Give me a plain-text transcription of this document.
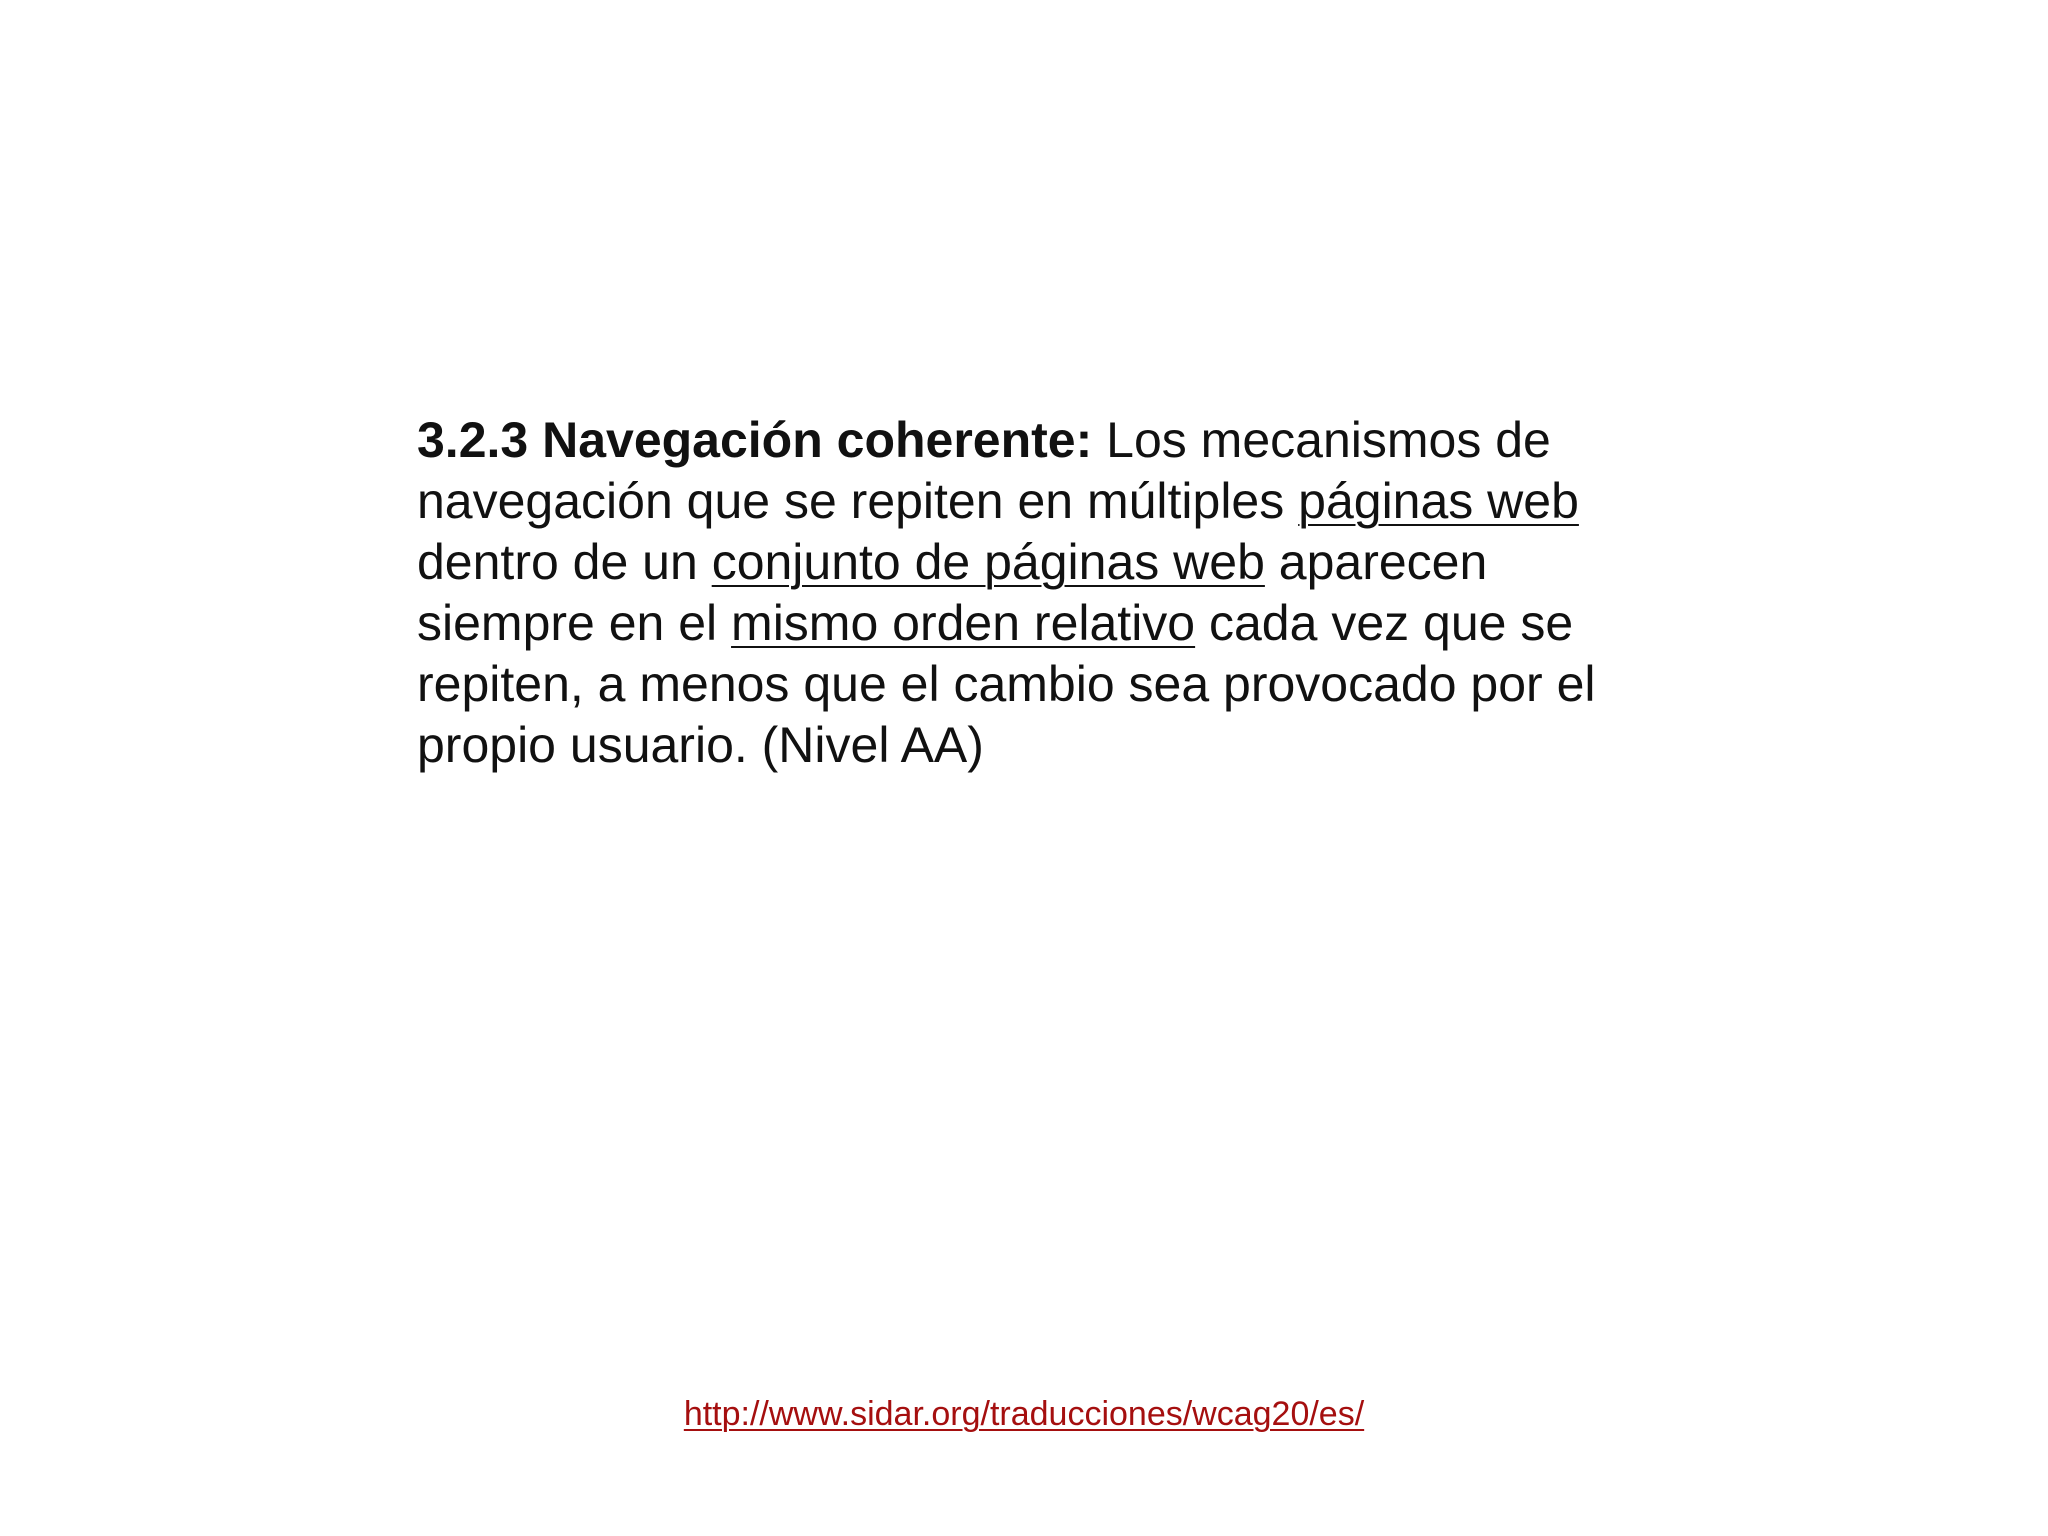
3.2.3 Navegación coherente: Los mecanismos de navegación que se repiten en múltiples páginas web dentro de un conjunto de páginas web aparecen siempre en el mismo orden relativo cada vez que se repiten, a menos que el cambio sea provocado por el propio usuario. (Nivel AA)

http://www.sidar.org/traducciones/wcag20/es/
